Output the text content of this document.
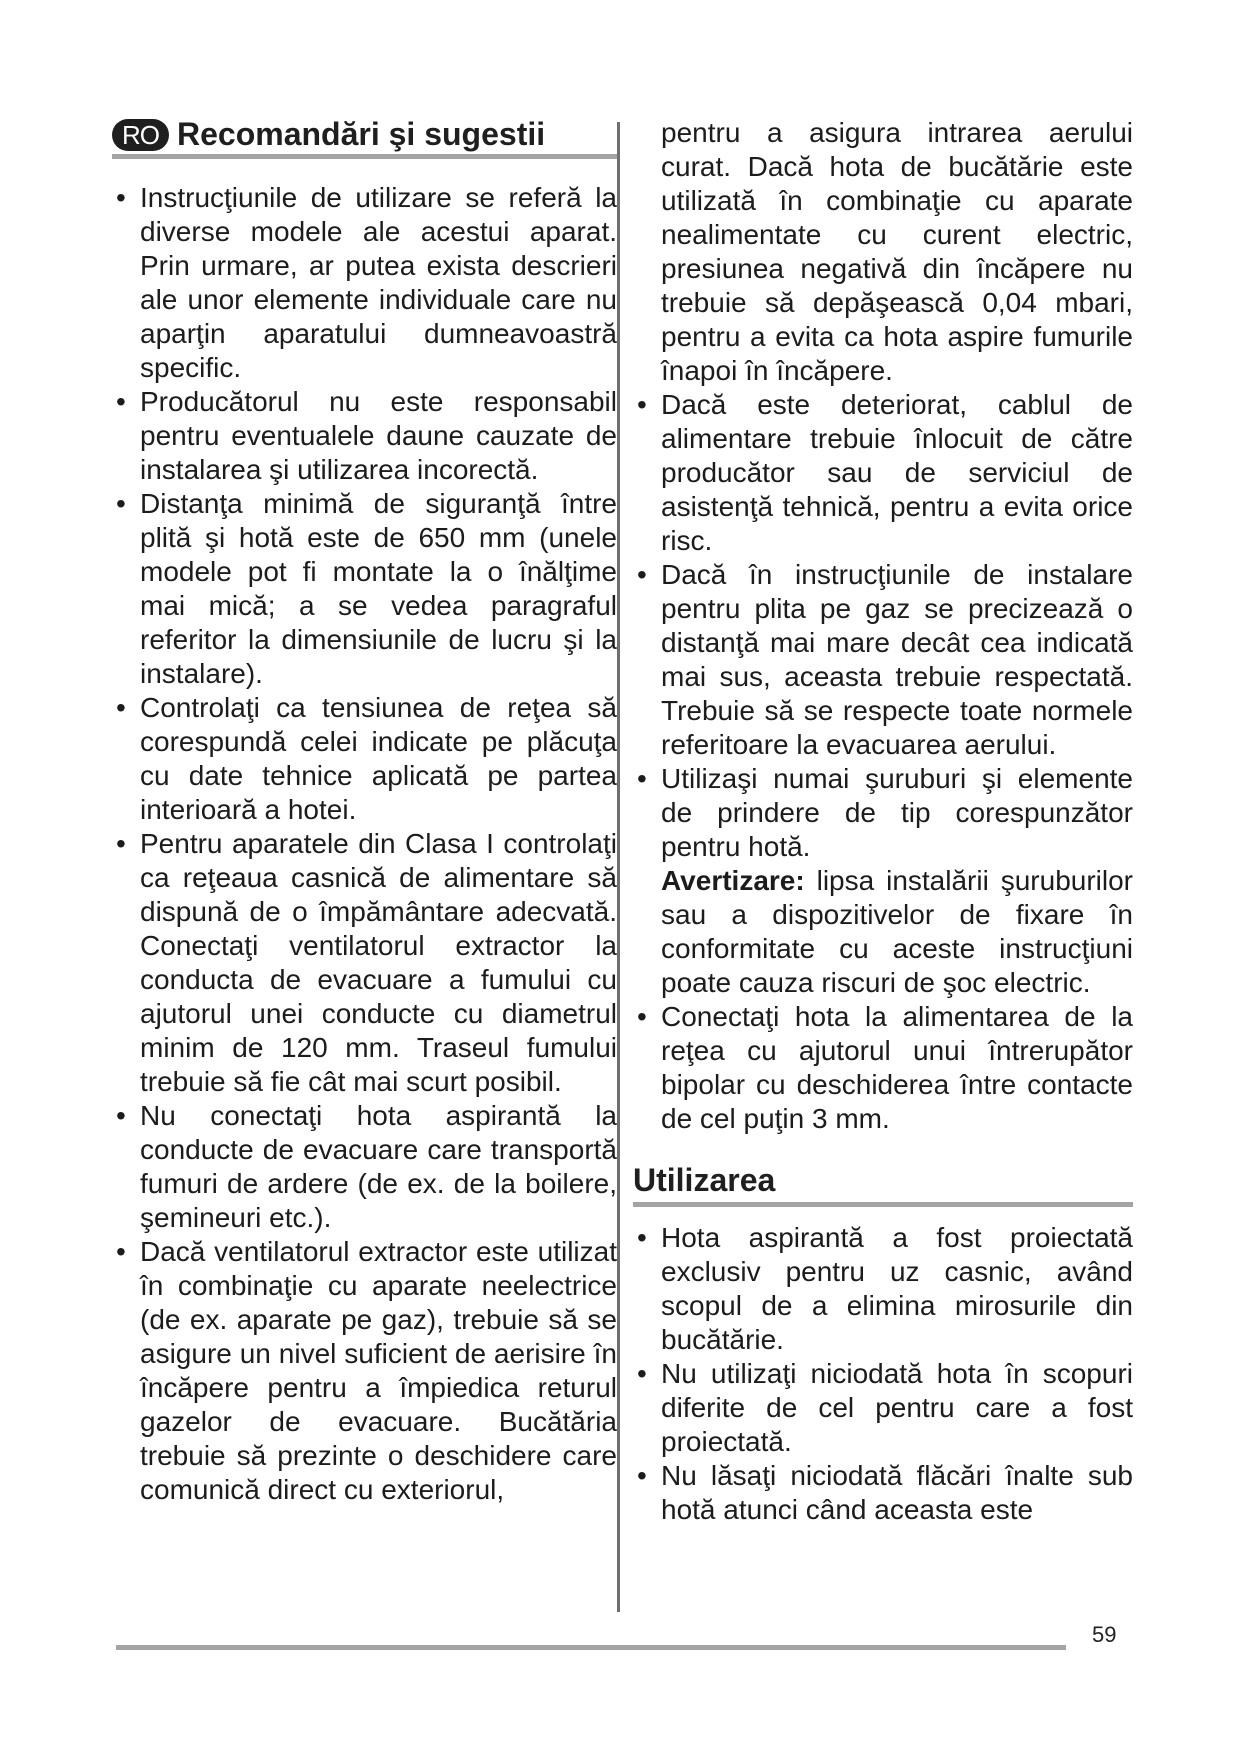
RO Recomandări şi sugestii
• Instrucţiunile de utilizare se referă la diverse modele ale acestui aparat. Prin urmare, ar putea exista descrieri ale unor elemente individuale care nu aparţin aparatului dumneavoastră specific.
• Producătorul nu este responsabil pentru eventualele daune cauzate de instalarea şi utilizarea incorectă.
• Distanţa minimă de siguranţă între plită şi hotă este de 650 mm (unele modele pot fi montate la o înălţime mai mică; a se vedea paragraful referitor la dimensiunile de lucru şi la instalare).
• Controlaţi ca tensiunea de reţea să corespundă celei indicate pe plăcuţa cu date tehnice aplicată pe partea interioară a hotei.
• Pentru aparatele din Clasa I controlaţi ca reţeaua casnică de alimentare să dispună de o împământare adecvată. Conectaţi ventilatorul extractor la conducta de evacuare a fumului cu ajutorul unei conducte cu diametrul minim de 120 mm. Traseul fumului trebuie să fie cât mai scurt posibil.
• Nu conectaţi hota aspirantă la conducte de evacuare care transportă fumuri de ardere (de ex. de la boilere, şemineuri etc.).
• Dacă ventilatorul extractor este utilizat în combinaţie cu aparate neelectrice (de ex. aparate pe gaz), trebuie să se asigure un nivel suficient de aerisire în încăpere pentru a împiedica returul gazelor de evacuare. Bucătăria trebuie să prezinte o deschidere care comunică direct cu exteriorul,
pentru a asigura intrarea aerului curat. Dacă hota de bucătărie este utilizată în combinaţie cu aparate nealimentate cu curent electric, presiunea negativă din încăpere nu trebuie să depăşească 0,04 mbari, pentru a evita ca hota aspire fumurile înapoi în încăpere.
• Dacă este deteriorat, cablul de alimentare trebuie înlocuit de către producător sau de serviciul de asistenţă tehnică, pentru a evita orice risc.
• Dacă în instrucţiunile de instalare pentru plita pe gaz se precizează o distanţă mai mare decât cea indicată mai sus, aceasta trebuie respectată. Trebuie să se respecte toate normele referitoare la evacuarea aerului.
• Utilizaşi numai şuruburi şi elemente de prindere de tip corespunzător pentru hotă.
Avertizare: lipsa instalării şuruburilor sau a dispozitivelor de fixare în conformitate cu aceste instrucţiuni poate cauza riscuri de şoc electric.
• Conectaţi hota la alimentarea de la reţea cu ajutorul unui întrerupător bipolar cu deschiderea între contacte de cel puţin 3 mm.
Utilizarea
• Hota aspirantă a fost proiectată exclusiv pentru uz casnic, având scopul de a elimina mirosurile din bucătărie.
• Nu utilizaţi niciodată hota în scopuri diferite de cel pentru care a fost proiectată.
• Nu lăsaţi niciodată flăcări înalte sub hotă atunci când aceasta este
59
